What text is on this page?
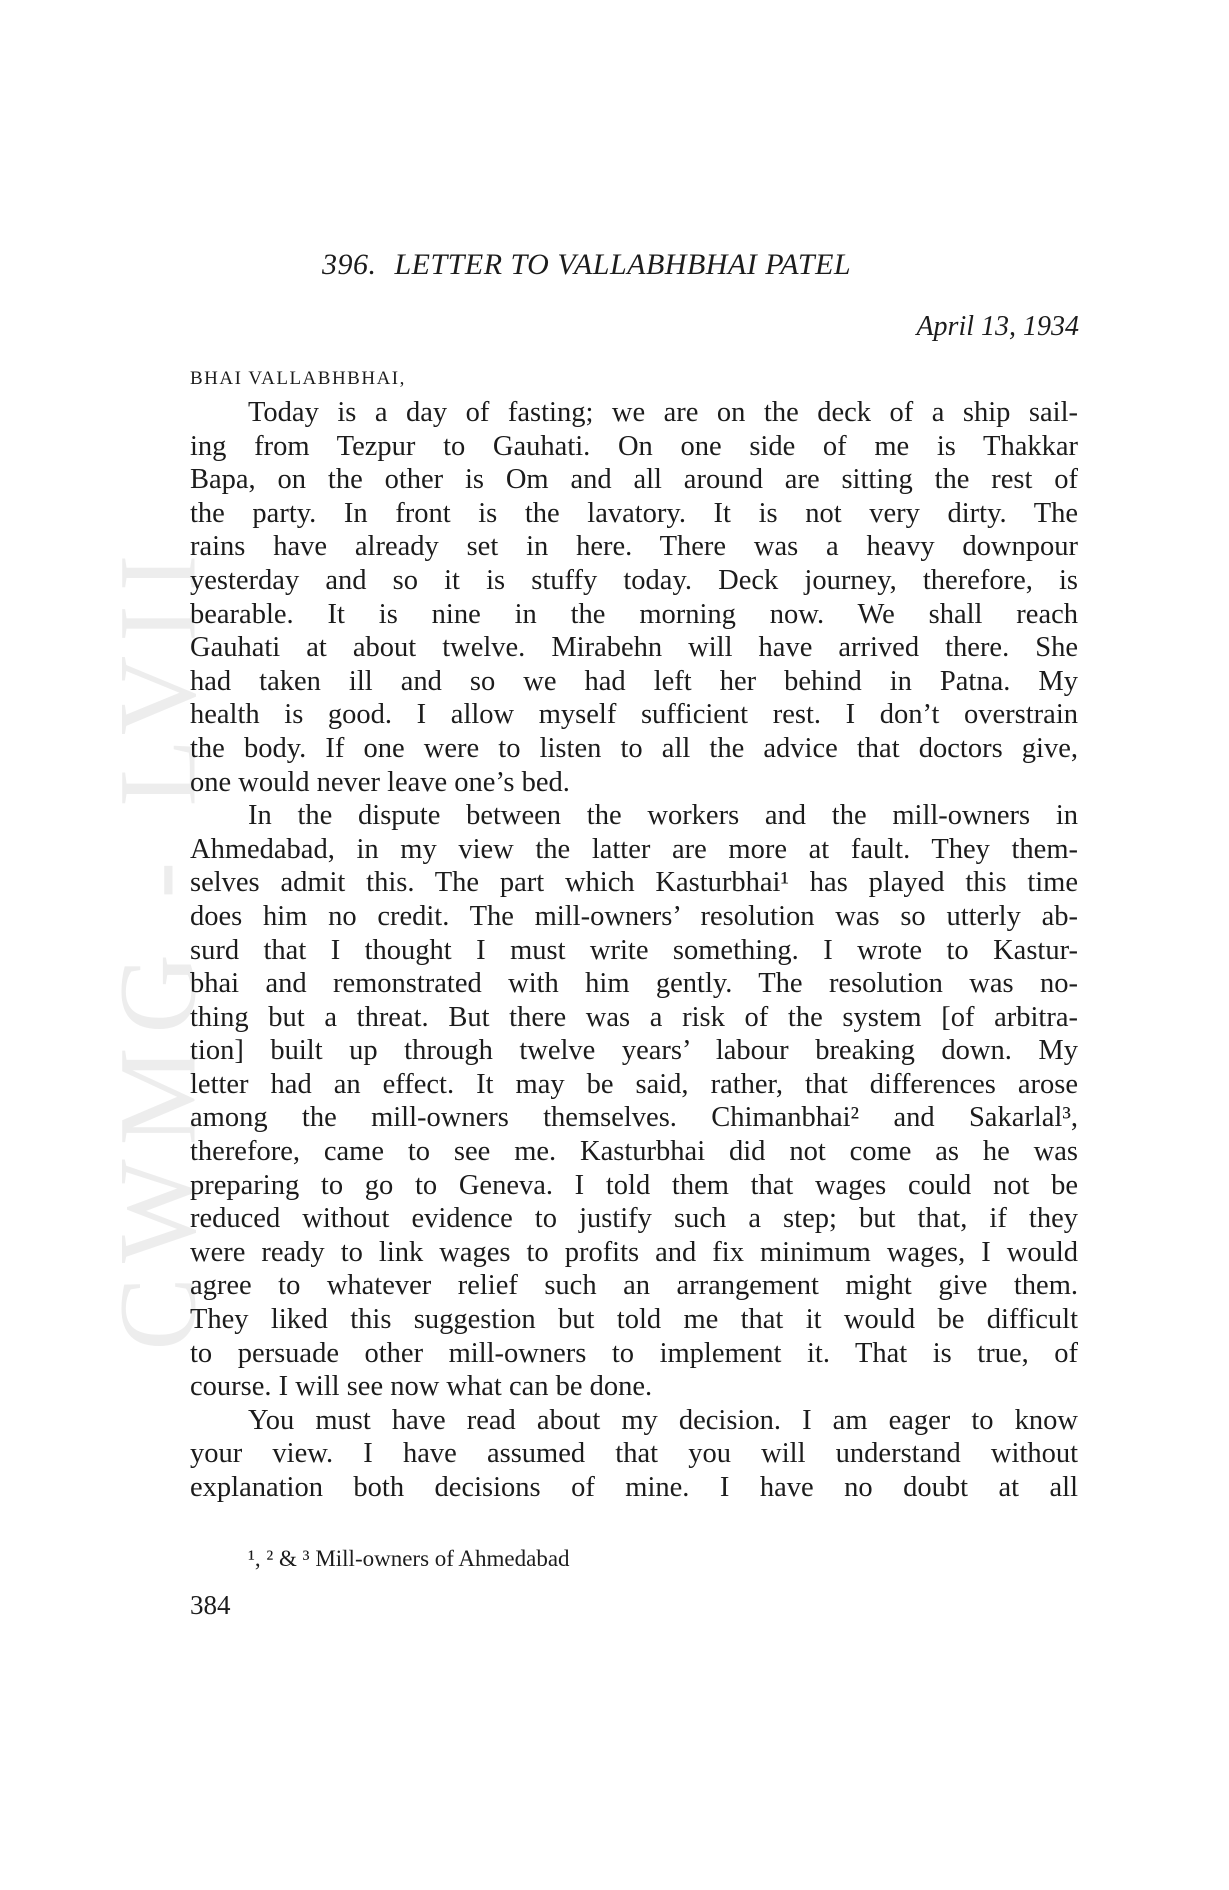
CWMG - LVII
396. LETTER TO VALLABHBHAI PATEL
April 13, 1934
BHAI VALLABHBHAI,
Today is a day of fasting; we are on the deck of a ship sail-
ing from Tezpur to Gauhati. On one side of me is Thakkar
Bapa, on the other is Om and all around are sitting the rest of
the party. In front is the lavatory. It is not very dirty. The
rains have already set in here. There was a heavy downpour
yesterday and so it is stuffy today. Deck journey, therefore, is
bearable. It is nine in the morning now. We shall reach
Gauhati at about twelve. Mirabehn will have arrived there. She
had taken ill and so we had left her behind in Patna. My
health is good. I allow myself sufficient rest. I don’t overstrain
the body. If one were to listen to all the advice that doctors give,
one would never leave one’s bed.
In the dispute between the workers and the mill-owners in
Ahmedabad, in my view the latter are more at fault. They them-
selves admit this. The part which Kasturbhai¹ has played this time
does him no credit. The mill-owners’ resolution was so utterly ab-
surd that I thought I must write something. I wrote to Kastur-
bhai and remonstrated with him gently. The resolution was no-
thing but a threat. But there was a risk of the system [of arbitra-
tion] built up through twelve years’ labour breaking down. My
letter had an effect. It may be said, rather, that differences arose
among the mill-owners themselves. Chimanbhai² and Sakarlal³,
therefore, came to see me. Kasturbhai did not come as he was
preparing to go to Geneva. I told them that wages could not be
reduced without evidence to justify such a step; but that, if they
were ready to link wages to profits and fix minimum wages, I would
agree to whatever relief such an arrangement might give them.
They liked this suggestion but told me that it would be difficult
to persuade other mill-owners to implement it. That is true, of
course. I will see now what can be done.
You must have read about my decision. I am eager to know
your view. I have assumed that you will understand without
explanation both decisions of mine. I have no doubt at all
¹, ² & ³ Mill-owners of Ahmedabad
384
